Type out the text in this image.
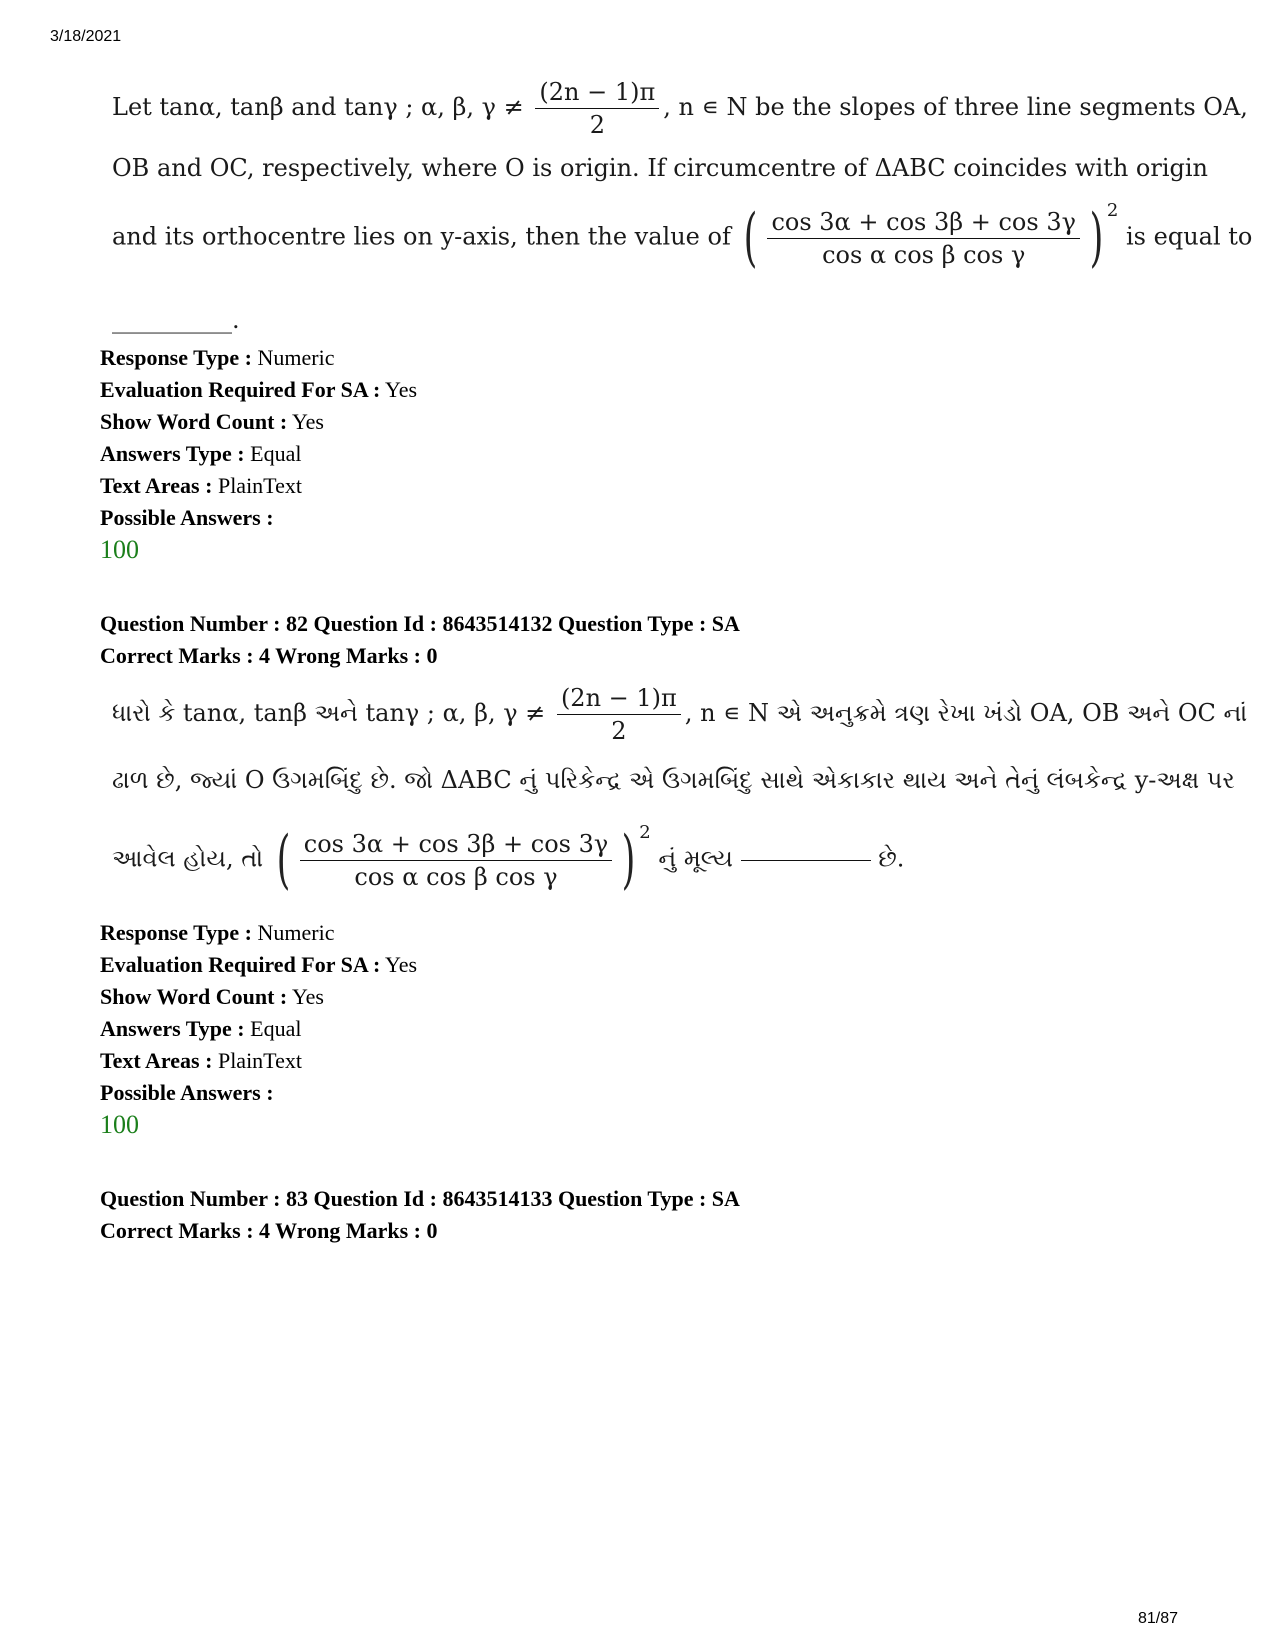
3/18/2021
Let tanα, tanβ and tanγ ; α, β, $\gamma \ne \frac{(2n - 1)\pi}{2}$ , n ∊ N be the slopes of three line segments OA,
OB and OC, respectively, where O is origin. If circumcentre of ΔABC coincides with origin
and its orthocentre lies on y-axis, then the value of ( $\frac{\cos 3\alpha + \cos 3\beta + \cos 3\gamma}{\text{cos α cos β cos γ}}$ ) 2
is equal to
__________.
Response Type : Numeric
Evaluation Required For SA : Yes
Show Word Count : Yes
Answers Type : Equal
Text Areas : PlainText
Possible Answers :
100
Question Number : 82 Question Id : 8643514132 Question Type : SA
Correct Marks : 4 Wrong Marks : 0
ધારો કે tanα, tanβ અને tanγ ; α, β, $\gamma \ne \frac{(2n - 1)\pi}{2}$ , n ∊ N એ અનુક્રમે ત્રણ રેખા ખંડો OA, OB અને OC નાં
ઢાળ છે, જ્યાં O ઉગમબિંદુ છે. જો ΔABC નું પરિકેન્દ્ર એ ઉગમબિંદુ સાથે એકાકાર થાય અને તેનું લંબકેન્દ્ર y-અક્ષ પર
આવેલ હોય, તો ( $\frac{\cos 3\alpha + \cos 3\beta + \cos 3\gamma}{\text{cos α cos β cos γ}}$ ) 2
નું મૂલ્ય	છે.
Response Type : Numeric
Evaluation Required For SA : Yes
Show Word Count : Yes
Answers Type : Equal
Text Areas : PlainText
Possible Answers :
100
Question Number : 83 Question Id : 8643514133 Question Type : SA
Correct Marks : 4 Wrong Marks : 0
81/87
